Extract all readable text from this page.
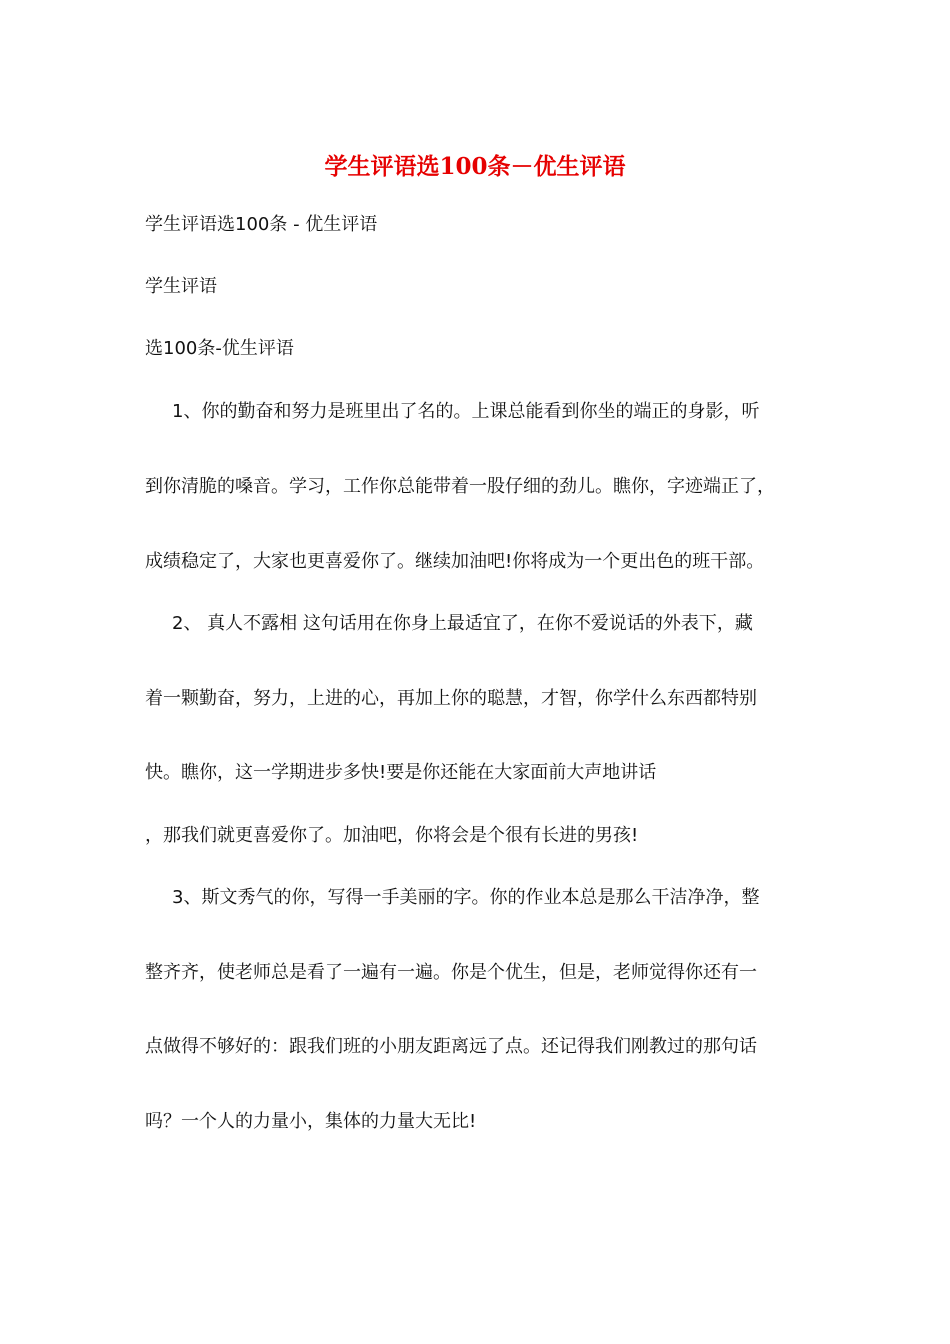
学生评语选100条－优生评语
学生评语选100条 - 优生评语
学生评语
选100条-优生评语
1、你的勤奋和努力是班里出了名的。上课总能看到你坐的端正的身影，听
到你清脆的嗓音。学习，工作你总能带着一股仔细的劲儿。瞧你，字迹端正了，
成绩稳定了，大家也更喜爱你了。继续加油吧!你将成为一个更出色的班干部。
2、 真人不露相 这句话用在你身上最适宜了，在你不爱说话的外表下，藏
着一颗勤奋，努力，上进的心，再加上你的聪慧，才智，你学什么东西都特别
快。瞧你，这一学期进步多快!要是你还能在大家面前大声地讲话
，那我们就更喜爱你了。加油吧，你将会是个很有长进的男孩!
3、斯文秀气的你，写得一手美丽的字。你的作业本总是那么干洁净净，整
整齐齐，使老师总是看了一遍有一遍。你是个优生，但是，老师觉得你还有一
点做得不够好的：跟我们班的小朋友距离远了点。还记得我们刚教过的那句话
吗？一个人的力量小，集体的力量大无比!
